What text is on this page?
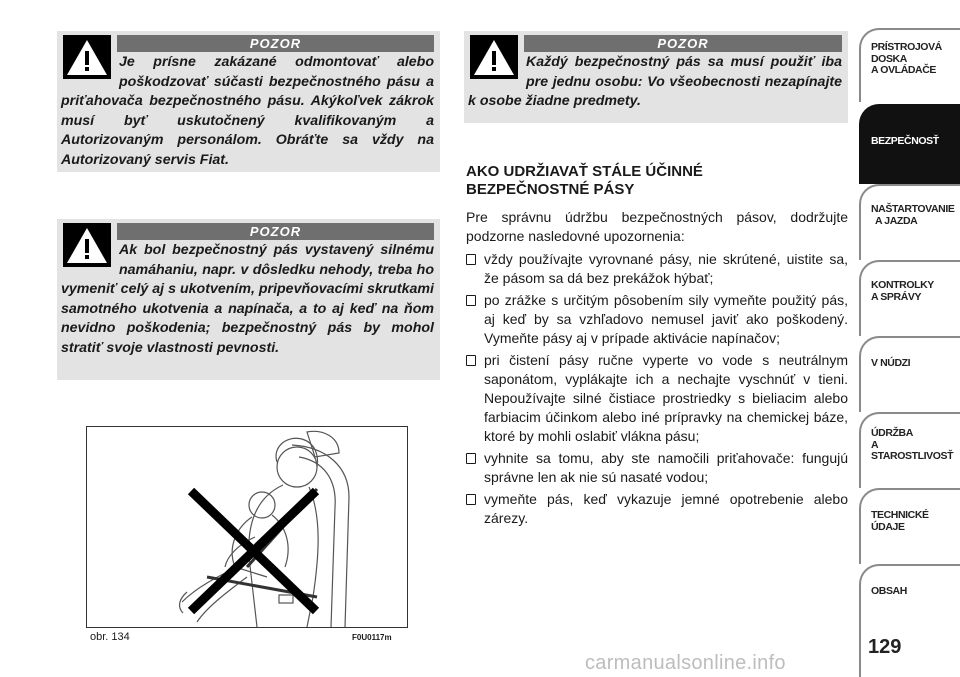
POZOR
Je prísne zakázané odmontovať alebo poškodzovať súčasti bezpečnostného pásu a priťahovača bezpečnostného pásu. Akýkoľvek zákrok musí byť uskutočnený kvalifikovaným a Autorizovaným personálom. Obráťte sa vždy na Autorizovaný servis Fiat.
POZOR
Ak bol bezpečnostný pás vystavený silnému namáhaniu, napr. v dôsledku nehody, treba ho vymeniť celý aj s ukotvením, pripevňovacími skrutkami samotného ukotvenia a napínača, a to aj keď na ňom nevidno poškodenia; bezpečnostný pás by mohol stratiť svoje vlastnosti pevnosti.
POZOR
Každý bezpečnostný pás sa musí použiť iba pre jednu osobu: Vo všeobecnosti nezapínajte k osobe žiadne predmety.
AKO UDRŽIAVAŤ STÁLE ÚČINNÉ
BEZPEČNOSTNÉ PÁSY
Pre správnu údržbu bezpečnostných pásov, dodržujte podzorne nasledovné upozornenia:
vždy používajte vyrovnané pásy, nie skrútené, uistite sa, že pásom sa dá bez prekážok hýbať;
po zrážke s určitým pôsobením sily vymeňte použitý pás, aj keď by sa vzhľadovo nemusel javiť ako poškodený. Vymeňte pásy aj v prípade aktivácie napínačov;
pri čistení pásy ručne vyperte vo vode s neutrálnym saponátom, vyplákajte ich a nechajte vyschnúť v tieni. Nepoužívajte silné čistiace prostriedky s bieliacim alebo farbiacim účinkom alebo iné prípravky na chemickej báze, ktoré by mohli oslabiť vlákna pásu;
vyhnite sa tomu, aby ste namočili priťahovače: fungujú správne len ak nie sú nasaté vodou;
vymeňte pás, keď vykazuje jemné opotrebenie alebo zárezy.
obr. 134	F0U0117m
PRÍSTROJOVÁ
DOSKA
A OVLÁDAČE
BEZPEČNOSŤ
NAŠTARTOVANIE
A JAZDA
KONTROLKY
A SPRÁVY
V NÚDZI
ÚDRŽBA
A STAROSTLIVOSŤ
TECHNICKÉ ÚDAJE
OBSAH
129
carmanualsonline.info
